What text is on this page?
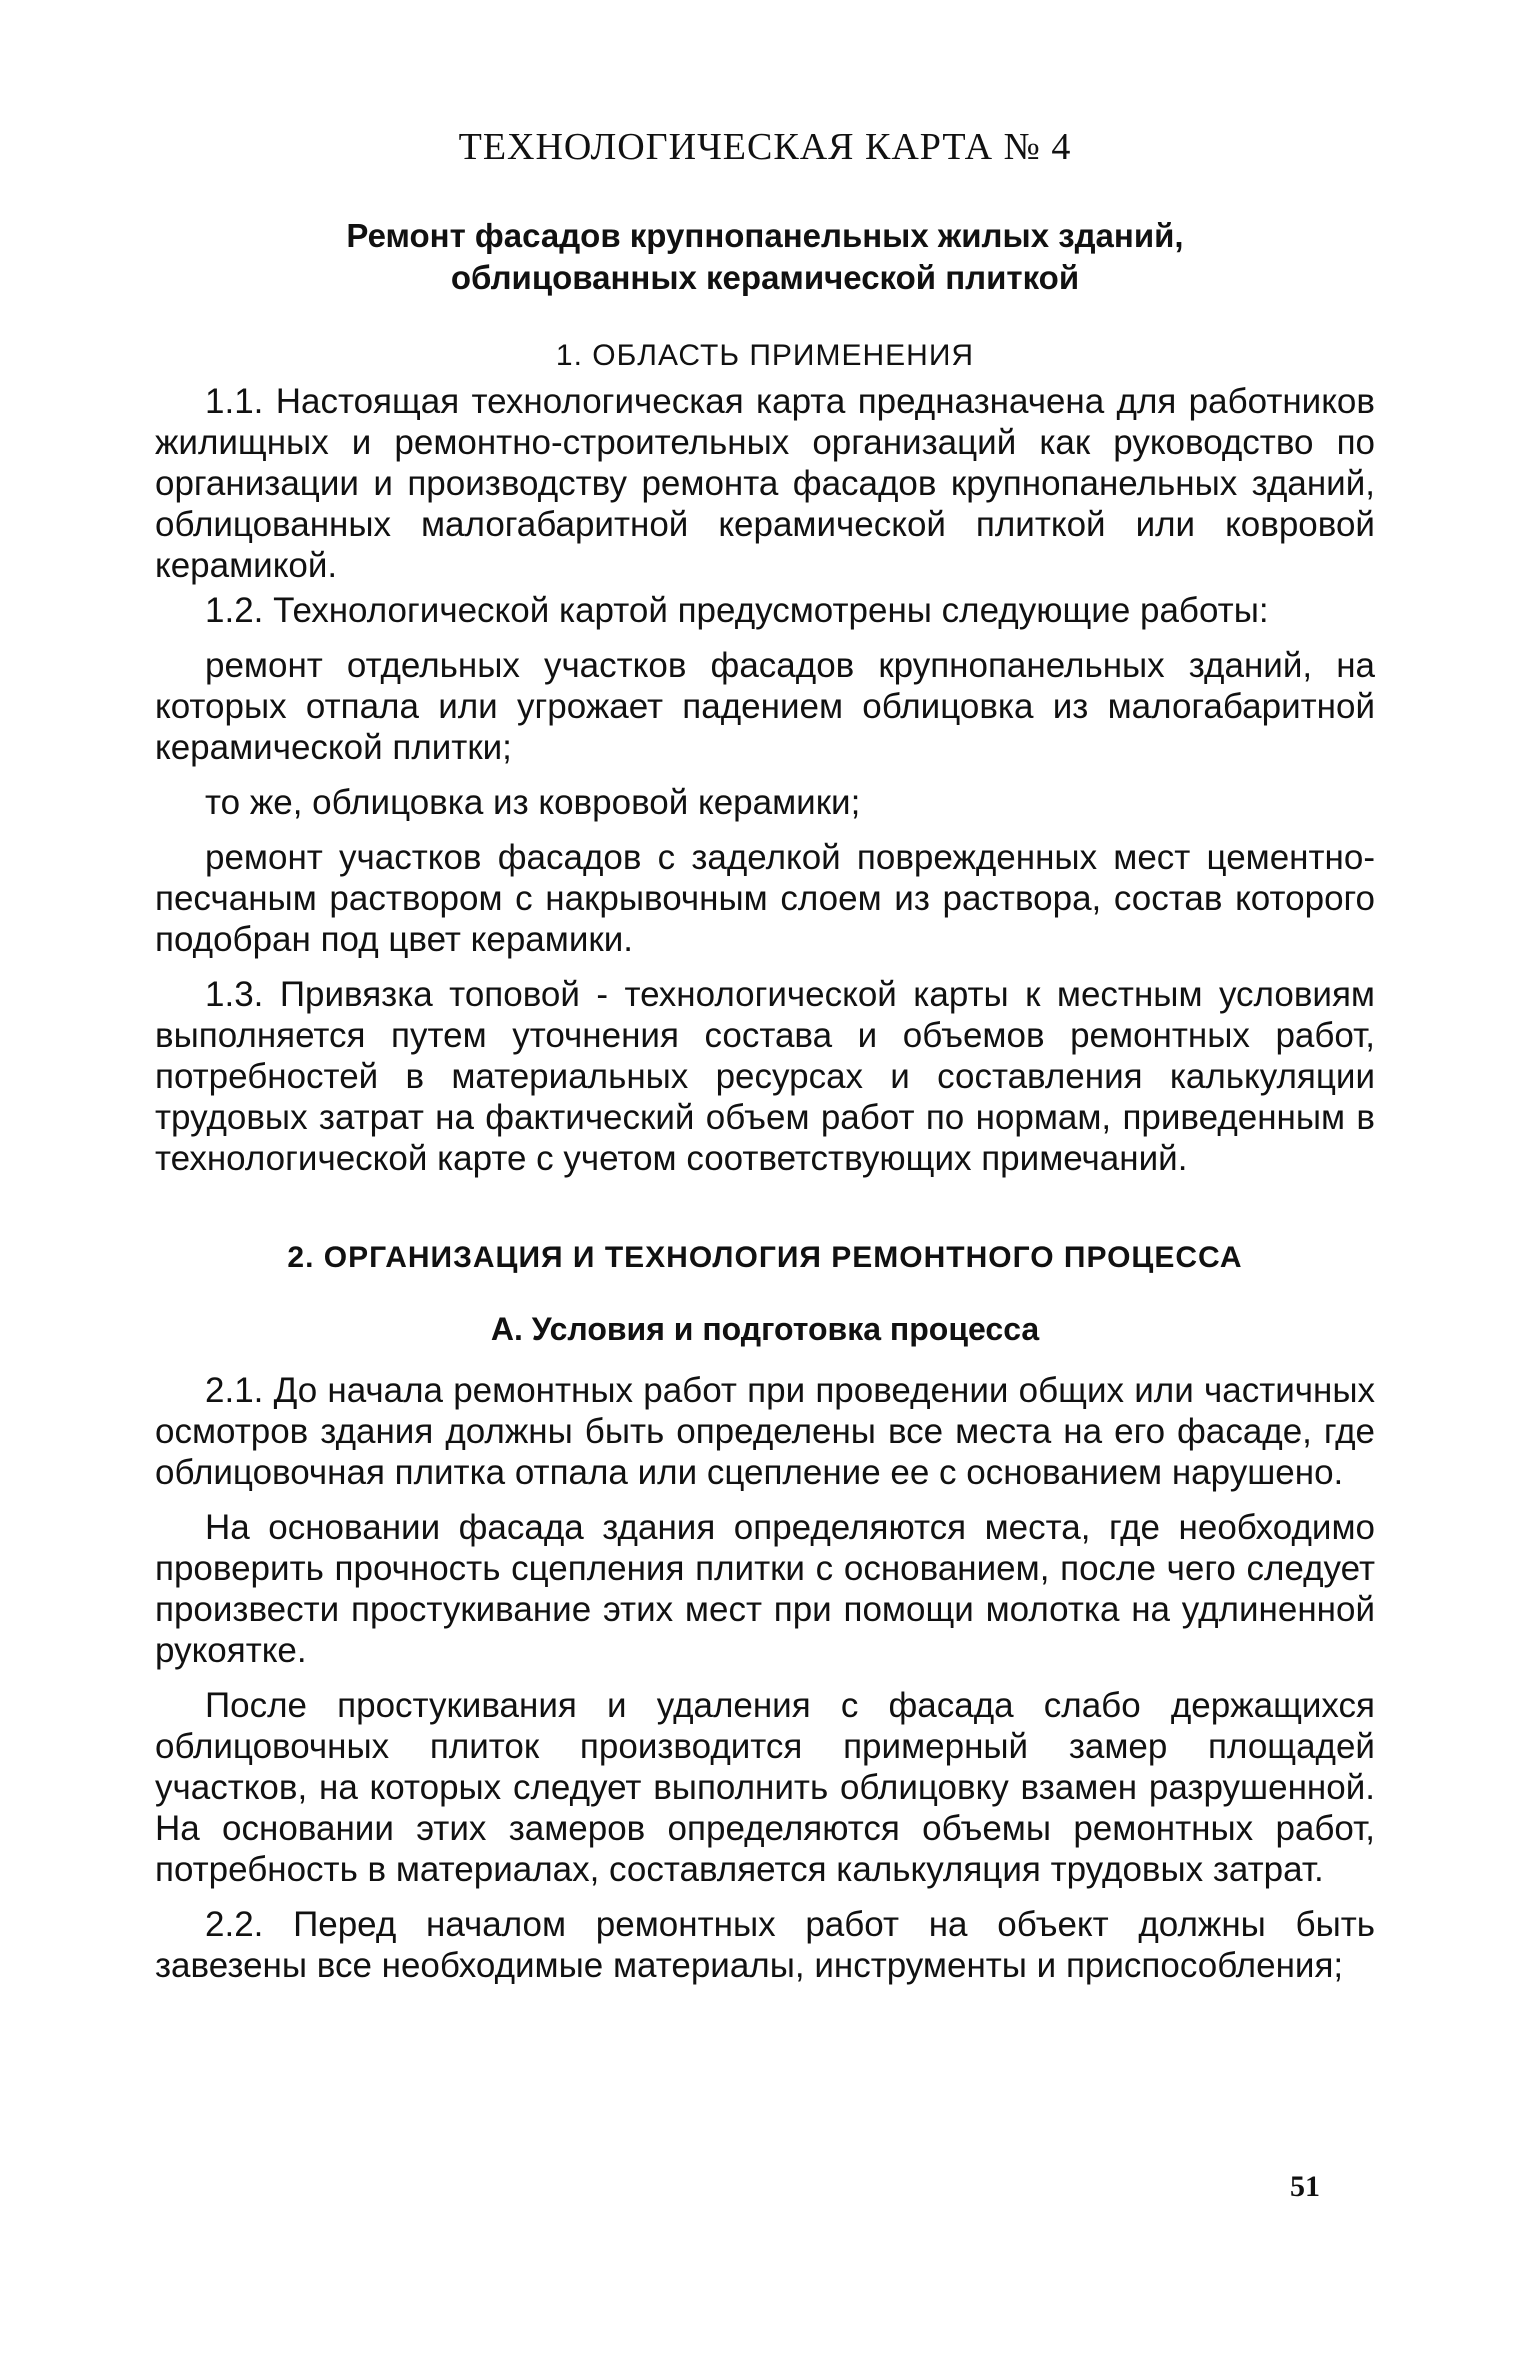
ТЕХНОЛОГИЧЕСКАЯ КАРТА № 4
Ремонт фасадов крупнопанельных жилых зданий,
облицованных керамической плиткой
1. ОБЛАСТЬ ПРИМЕНЕНИЯ

1.1. Настоящая технологическая карта предназначена для работников жилищных и ремонтно-строительных организаций как руководство по организации и производству ремонта фасадов крупнопанельных зданий, облицованных малогабаритной керамической плиткой или ковровой керамикой.

1.2. Технологической картой предусмотрены следующие работы:

ремонт отдельных участков фасадов крупнопанельных зданий, на которых отпала или угрожает падением облицовка из малогабаритной керамической плитки;

то же, облицовка из ковровой керамики;

ремонт участков фасадов с заделкой поврежденных мест цементно-песчаным раствором с накрывочным слоем из раствора, состав которого подобран под цвет керамики.

1.3. Привязка топовой - технологической карты к местным условиям выполняется путем уточнения состава и объемов ремонтных работ, потребностей в материальных ресурсах и составления калькуляции трудовых затрат на фактический объем работ по нормам, приведенным в технологической карте с учетом соответствующих примечаний.

2. ОРГАНИЗАЦИЯ И ТЕХНОЛОГИЯ РЕМОНТНОГО ПРОЦЕССА
А. Условия и подготовка процесса

2.1. До начала ремонтных работ при проведении общих или частичных осмотров здания должны быть определены все места на его фасаде, где облицовочная плитка отпала или сцепление ее с основанием нарушено.

На основании фасада здания определяются места, где необходимо проверить прочность сцепления плитки с основанием, после чего следует произвести простукивание этих мест при помощи молотка на удлиненной рукоятке.

После простукивания и удаления с фасада слабо держащихся облицовочных плиток производится примерный замер площадей участков, на которых следует выполнить облицовку взамен разрушенной. На основании этих замеров определяются объемы ремонтных работ, потребность в материалах, составляется калькуляция трудовых затрат.

2.2. Перед началом ремонтных работ на объект должны быть завезены все необходимые материалы, инструменты и приспособления;

51
